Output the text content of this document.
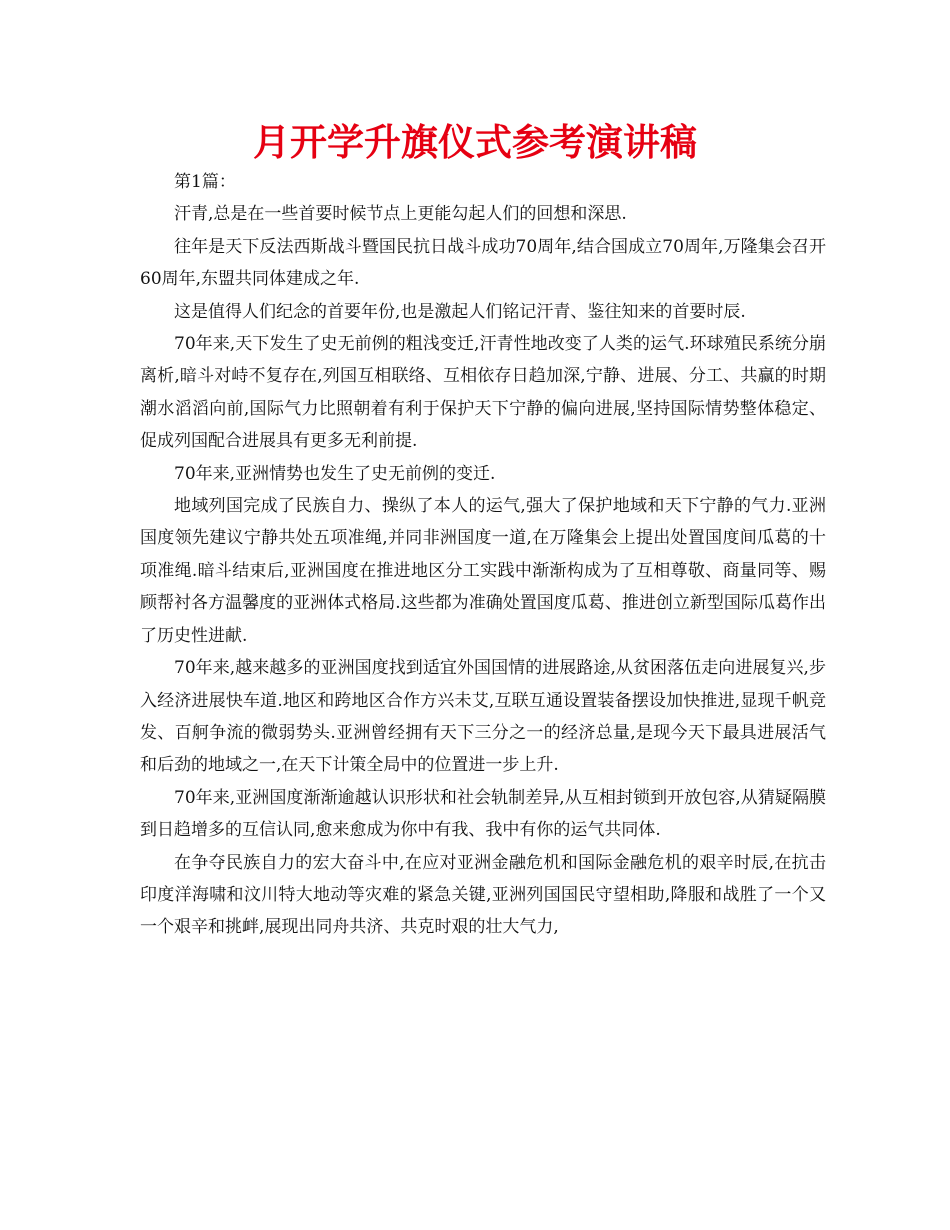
月开学升旗仪式参考演讲稿

第1篇：

汗青,总是在一些首要时候节点上更能勾起人们的回想和深思.

往年是天下反法西斯战斗暨国民抗日战斗成功70周年,结合国成立70周年,万隆集会召开60周年,东盟共同体建成之年.

这是值得人们纪念的首要年份,也是激起人们铭记汗青、鉴往知来的首要时辰.

70年来,天下发生了史无前例的粗浅变迁,汗青性地改变了人类的运气.环球殖民系统分崩离析,暗斗对峙不复存在,列国互相联络、互相依存日趋加深,宁静、进展、分工、共赢的时期潮水滔滔向前,国际气力比照朝着有利于保护天下宁静的偏向进展,坚持国际情势整体稳定、促成列国配合进展具有更多无利前提.

70年来,亚洲情势也发生了史无前例的变迁.

地域列国完成了民族自力、操纵了本人的运气,强大了保护地域和天下宁静的气力.亚洲国度领先建议宁静共处五项准绳,并同非洲国度一道,在万隆集会上提出处置国度间瓜葛的十项准绳.暗斗结束后,亚洲国度在推进地区分工实践中渐渐构成为了互相尊敬、商量同等、赐顾帮衬各方温馨度的亚洲体式格局.这些都为准确处置国度瓜葛、推进创立新型国际瓜葛作出了历史性进献.

70年来,越来越多的亚洲国度找到适宜外国国情的进展路途,从贫困落伍走向进展复兴,步入经济进展快车道.地区和跨地区合作方兴未艾,互联互通设置装备摆设加快推进,显现千帆竞发、百舸争流的微弱势头.亚洲曾经拥有天下三分之一的经济总量,是现今天下最具进展活气和后劲的地域之一,在天下计策全局中的位置进一步上升.

70年来,亚洲国度渐渐逾越认识形状和社会轨制差异,从互相封锁到开放包容,从猜疑隔膜到日趋增多的互信认同,愈来愈成为你中有我、我中有你的运气共同体.

在争夺民族自力的宏大奋斗中,在应对亚洲金融危机和国际金融危机的艰辛时辰,在抗击印度洋海啸和汶川特大地动等灾难的紧急关键,亚洲列国国民守望相助,降服和战胜了一个又一个艰辛和挑衅,展现出同舟共济、共克时艰的壮大气力,
